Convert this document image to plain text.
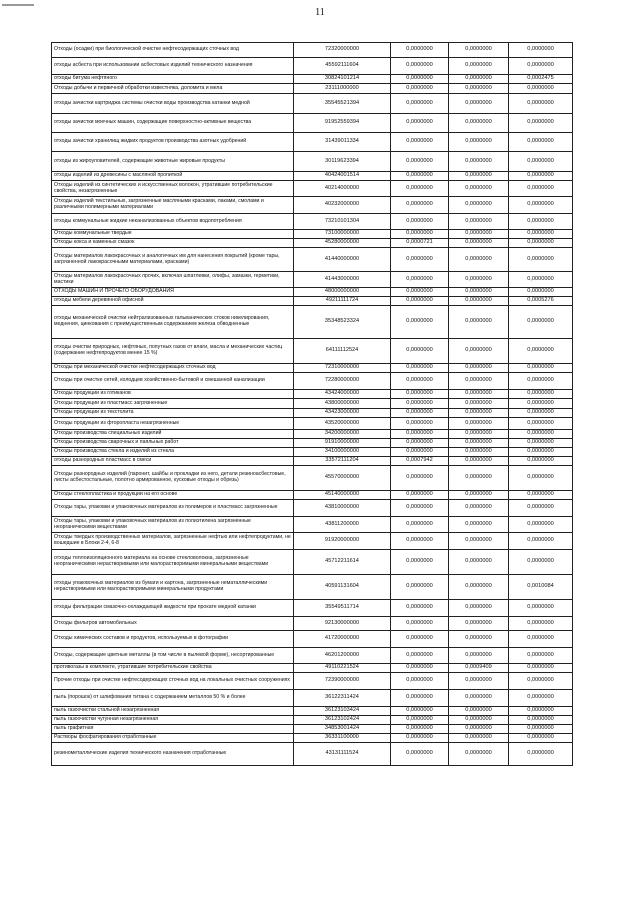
11
Отходы (осадки) при биологической очистке нефтесодержащих сточных вод	72320000000	0,0000000	0,0000000	0,0000000
отходы асбеста при использовании асбестовых изделий технического назначения	45592111604	0,0000000	0,0000000	0,0000000
отходы битума нефтяного	30824101214	0,0000000	0,0000000	0,0002475
Отходы добычи и первичной обработки известняка, доломита и мела	23111000000	0,0000000	0,0000000	0,0000000
отходы зачистки картриджа системы очистки воды производства катанки медной	35545521394	0,0000000	0,0000000	0,0000000
отходы зачистки моечных машин, содержащие поверхностно-активные вещества	91952559394	0,0000000	0,0000000	0,0000000
отходы зачистки хранилищ жидких продуктов производства азотных удобрений	31439011334	0,0000000	0,0000000	0,0000000
отходы из жироуловителей, содержащие животные жировые продукты	30119623394	0,0000000	0,0000000	0,0000000
отходы изделий из древесины с масляной пропиткой	40424001514	0,0000000	0,0000000	0,0000000
Отходы изделий из синтетических и искусственных волокон, утратившие потребительские свойства, незагрязненные	40214000000	0,0000000	0,0000000	0,0000000
Отходы изделий текстильных, загрязненные масляными красками, лаками, смолами и различными полимерными материалами	40232000000	0,0000000	0,0000000	0,0000000
отходы коммунальные жидкие неканализованных объектов водопотребления	73210101304	0,0000000	0,0000000	0,0000000
Отходы коммунальные твердые	73100000000	0,0000000	0,0000000	0,0000000
Отходы кокса и каменных смазок	45280000000	0,0000721	0,0000000	0,0000000
Отходы материалов лакокрасочных и аналогичных им для нанесения покрытий (кроме тары, загрязненной лакокрасочными материалами, красками)	41440000000	0,0000000	0,0000000	0,0000000
Отходы материалов лакокрасочных прочих, включая шпатлевки, олифы, замазки, герметики, мастики	41443000000	0,0000000	0,0000000	0,0000000
ОТХОДЫ МАШИН И ПРОЧЕГО ОБОРУДОВАНИЯ	48000000000	0,0000000	0,0000000	0,0000000
отходы мебели деревянной офисной	49211111724	0,0000000	0,0000000	0,0005276
отходы механической очистки нейтрализованных гальванических стоков никелирования, меднения, цинкования с преимущественным содержанием железа обводненные	35348523324	0,0000000	0,0000000	0,0000000
отходы очистки природных, нефтяных, попутных газов от влаги, масла и механических частиц (содержание нефтепродуктов менее 15 %)	64111112524	0,0000000	0,0000000	0,0000000
Отходы при механической очистке нефтесодержащих сточных вод	72310000000	0,0000000	0,0000000	0,0000000
Отходы при очистке сетей, колодцев хозяйственно-бытовой и смешанной канализации	72280000000	0,0000000	0,0000000	0,0000000
Отходы продукции из готиканов	43424000000	0,0000000	0,0000000	0,0000000
Отходы продукции из пластмасс загрязненные	43800000000	0,0000000	0,0000000	0,0000000
Отходы продукции из текстолита	43423000000	0,0000000	0,0000000	0,0000000
Отходы продукции из фторопласта незагрязненные	43520000000	0,0000000	0,0000000	0,0000000
Отходы производства специальных изделий	34200000000	0,0000000	0,0000000	0,0000000
Отходы производства сварочных и паяльных работ	91910000000	0,0000000	0,0000000	0,0000000
Отходы производства стекла и изделий из стекла	34100000000	0,0000000	0,0000000	0,0000000
отходы разнородных пластмасс в смеси	33572111204	0,0007942	0,0000000	0,0000000
Отходы разнородных изделий (паронит, шайбы и прокладки из него, детали резиноасбестовые, листы асбестостальные, полотно армированное, кусковые отходы и обрезь)	45570000000	0,0000000	0,0000000	0,0000000
Отходы стеклопластика и продукции на его основе	45140000000	0,0000000	0,0000000	0,0000000
Отходы тары, упаковки и упаковочных материалов из полимеров и пластмасс загрязненные	43810000000	0,0000000	0,0000000	0,0000000
Отходы тары, упаковки и упаковочных материалов из полиэтилена загрязненные неорганическими веществами	43811200000	0,0000000	0,0000000	0,0000000
Отходы твердых производственных материалов, загрязненные нефтью или нефтепродуктами, не вошедшие в Блоки 2-4, 6-8	91920000000	0,0000000	0,0000000	0,0000000
отходы теплоизоляционного материала на основе стекловолокна, загрязненные неорганическими нерастворимыми или малорастворимыми минеральными веществами	45712211614	0,0000000	0,0000000	0,0000000
отходы упаковочных материалов из бумаги и картона, загрязненные нематаллическими нерастворимыми или малорастворимыми минеральными продуктами	40591131604	0,0000000	0,0000000	0,0010084
отходы фильтрации смазочно-охлаждающей жидкости при прокате медной катанки	35549511714	0,0000000	0,0000000	0,0000000
Отходы фильтров автомобильных	92130000000	0,0000000	0,0000000	0,0000000
Отходы химических составов и продуктов, используемых в фотографии	41720000000	0,0000000	0,0000000	0,0000000
Отходы, содержащие цветные металлы (в том числе в пылевой форме), несортированные	46201200000	0,0000000	0,0000000	0,0000000
противогазы в комплекте, утратившие потребительские свойства	49110221524	0,0000000	0,0009409	0,0000000
Прочие отходы при очистке нефтесодержащих сточных вод на локальных очистных сооружениях	72390000000	0,0000000	0,0000000	0,0000000
пыль (порошок) от шлифования титана с содержанием металлов 50 % и более	36122311424	0,0000000	0,0000000	0,0000000
пыль газоочистки стальной незагрязненная	36123103424	0,0000000	0,0000000	0,0000000
пыль газоочистки чугунная незагрязненная	36123102424	0,0000000	0,0000000	0,0000000
пыль графитная	34853001424	0,0000000	0,0000000	0,0000000
Растворы фосфатирования отработанные	36331100000	0,0000000	0,0000000	0,0000000
резинометаллические изделия технического назначения отработанные	43131111524	0,0000000	0,0000000	0,0000000
